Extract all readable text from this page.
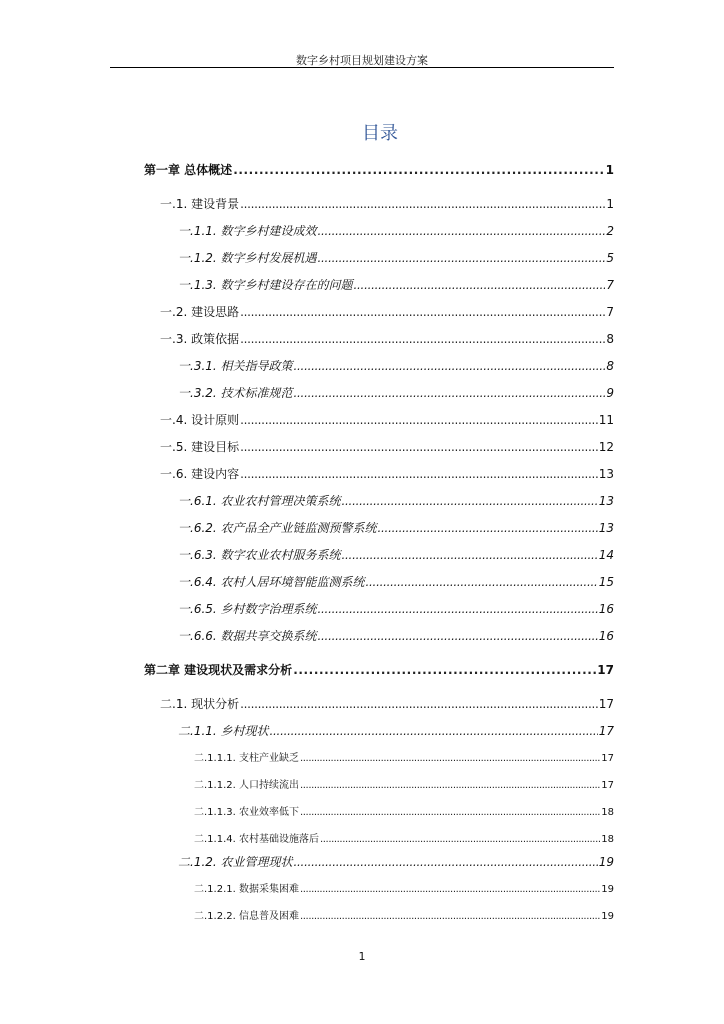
数字乡村项目规划建设方案
目录
第一章 总体概述 .....	1
一.1. 建设背景 .....	1
一.1.1. 数字乡村建设成效 .....	2
一.1.2. 数字乡村发展机遇 .....	5
一.1.3. 数字乡村建设存在的问题 .....	7
一.2. 建设思路 .....	7
一.3. 政策依据 .....	8
一.3.1. 相关指导政策 .....	8
一.3.2. 技术标准规范 .....	9
一.4. 设计原则 .....	11
一.5. 建设目标 .....	12
一.6. 建设内容 .....	13
一.6.1. 农业农村管理决策系统 .....	13
一.6.2. 农产品全产业链监测预警系统 .....	13
一.6.3. 数字农业农村服务系统 .....	14
一.6.4. 农村人居环境智能监测系统 .....	15
一.6.5. 乡村数字治理系统 .....	16
一.6.6. 数据共享交换系统 .....	16
第二章 建设现状及需求分析 .....	17
二.1. 现状分析 .....	17
二.1.1. 乡村现状 .....	17
二.1.1.1. 支柱产业缺乏 .....	17
二.1.1.2. 人口持续流出 .....	17
二.1.1.3. 农业效率低下 .....	18
二.1.1.4. 农村基础设施落后 .....	18
二.1.2. 农业管理现状 .....	19
二.1.2.1. 数据采集困难 .....	19
二.1.2.2. 信息普及困难 .....	19
1
